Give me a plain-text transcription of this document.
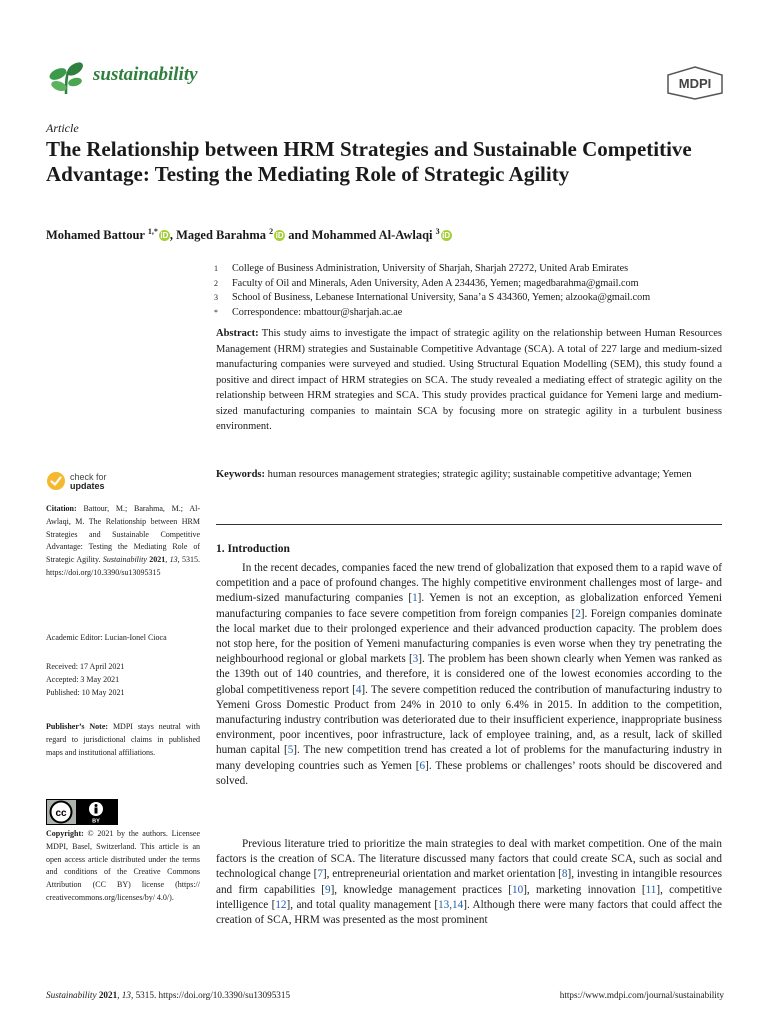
sustainability	MDPI
Article
The Relationship between HRM Strategies and Sustainable Competitive Advantage: Testing the Mediating Role of Strategic Agility
Mohamed Battour $^{1,*}$ iD , Maged Barahma $^2$ iD and Mohammed Al-Awlaqi $^3$ iD
1	College of Business Administration, University of Sharjah, Sharjah 27272, United Arab Emirates
2	Faculty of Oil and Minerals, Aden University, Aden A 234436, Yemen; magedbarahma@gmail.com
3	School of Business, Lebanese International University, Sana’a S 434360, Yemen; alzooka@gmail.com
*	Correspondence: mbattour@sharjah.ac.ae

Abstract: This study aims to investigate the impact of strategic agility on the relationship between Human Resources Management (HRM) strategies and Sustainable Competitive Advantage (SCA). A total of 227 large and medium-sized manufacturing companies were surveyed and studied. Using Structural Equation Modelling (SEM), this study found a positive and direct impact of HRM strategies on SCA. The study revealed a mediating effect of strategic agility on the relationship between HRM strategies and SCA. This study provides practical guidance for Yemeni large and medium-sized manufacturing companies to maintain SCA by focusing more on strategic agility in a turbulent business environment.

Keywords: human resources management strategies; strategic agility; sustainable competitive advantage; Yemen

1. Introduction

In the recent decades, companies faced the new trend of globalization that exposed them to a rapid wave of competition and a pace of profound changes. The highly competitive environment challenges most of large- and medium-sized manufacturing companies [1]. Yemen is not an exception, as globalization enforced Yemeni manufacturing companies to face severe competition from foreign companies [2]. Foreign companies dominate the local market due to their prolonged experience and their advanced production capacity. The problem does not stop here, for the position of Yemeni manufacturing companies is even worse when they try penetrating the neighbourhood regional or global markets [3]. The problem has been shown clearly when Yemen was ranked as the 139th out of 140 countries, and therefore, it is considered one of the lowest economies according to the global competitiveness report [4]. The severe competition reduced the contribution of manufacturing industry to Yemeni Gross Domestic Product from 24% in 2010 to only 6.4% in 2015. In addition to the competition, manufacturing industry contribution was deteriorated due to their insufficient experience, inappropriate business environment, poor incentives, poor infrastructure, lack of employee training, and, as a result, lack of skilled human capital [5]. The new competition trend has created a lot of problems for the manufacturing industry in many developing countries such as Yemen [6]. These problems or challenges’ roots should be discovered and solved.

Previous literature tried to prioritize the main strategies to deal with market competition. One of the main factors is the creation of SCA. The literature discussed many factors that could create SCA, such as social and technological change [7], entrepreneurial orientation and market orientation [8], investing in intangible resources and firm capabilities [9], knowledge management practices [10], marketing innovation [11], competitive intelligence [12], and total quality management [13,14]. Although there were many factors that could affect the creation of SCA, HRM was presented as the most prominent

check for
updates
Citation: Battour, M.; Barahma, M.; Al-Awlaqi, M. The Relationship between HRM Strategies and Sustainable Competitive Advantage: Testing the Mediating Role of Strategic Agility. Sustainability 2021, 13, 5315. https://doi.org/10.3390/su13095315
Academic Editor: Lucian-Ionel Cioca
Received: 17 April 2021
Accepted: 3 May 2021
Published: 10 May 2021
Publisher’s Note: MDPI stays neutral with regard to jurisdictional claims in published maps and institutional affiliations.
cc
BY
Copyright: © 2021 by the authors. Licensee MDPI, Basel, Switzerland. This article is an open access article distributed under the terms and conditions of the Creative Commons Attribution (CC BY) license (https:// creativecommons.org/licenses/by/ 4.0/).
Sustainability 2021, 13, 5315. https://doi.org/10.3390/su13095315	https://www.mdpi.com/journal/sustainability
